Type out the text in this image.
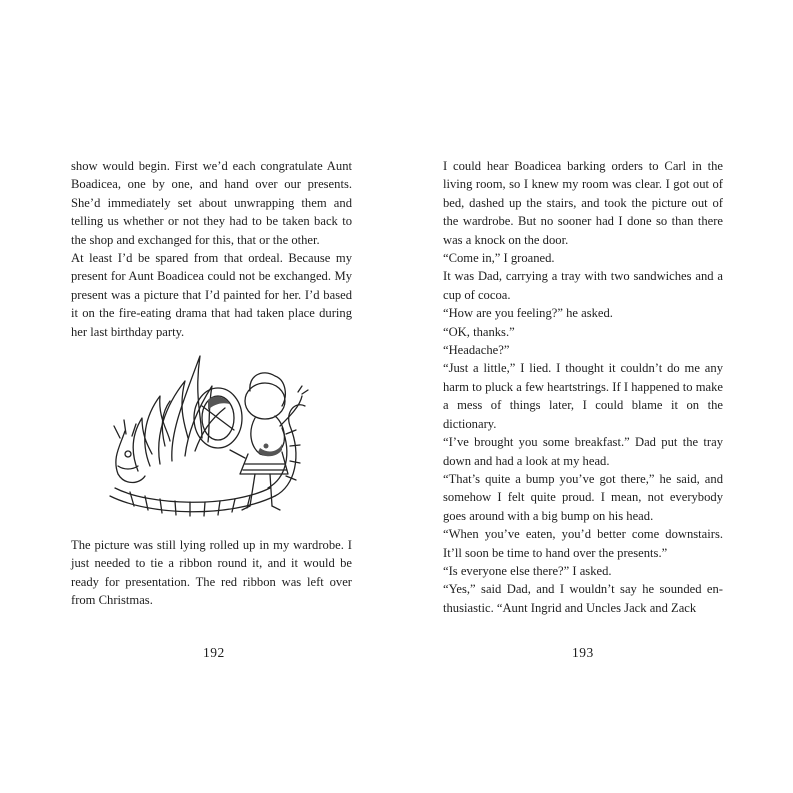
show would begin. First we’d each congratulate Aunt Boadicea, one by one, and hand over our presents. She’d immediately set about unwrapping them and telling us whether or not they had to be taken back to the shop and exchanged for this, that or the other.

At least I’d be spared from that ordeal. Because my present for Aunt Boadicea could not be exchanged. My present was a picture that I’d painted for her. I’d based it on the fire-eating drama that had taken place during her last birthday party.

The picture was still lying rolled up in my wardrobe. I just needed to tie a ribbon round it, and it would be ready for presentation. The red ribbon was left over from Christmas.

192

I could hear Boadicea barking orders to Carl in the living room, so I knew my room was clear. I got out of bed, dashed up the stairs, and took the picture out of the wardrobe. But no sooner had I done so than there was a knock on the door.

“Come in,” I groaned.

It was Dad, carrying a tray with two sandwiches and a cup of cocoa.

“How are you feeling?” he asked.

“OK, thanks.”

“Headache?”

“Just a little,” I lied. I thought it couldn’t do me any harm to pluck a few heartstrings. If I happened to make a mess of things later, I could blame it on the dictionary.

“I’ve brought you some breakfast.” Dad put the tray down and had a look at my head.

“That’s quite a bump you’ve got there,” he said, and somehow I felt quite proud. I mean, not everybody goes around with a big bump on his head.

“When you’ve eaten, you’d better come downstairs. It’ll soon be time to hand over the presents.”

“Is everyone else there?” I asked.

“Yes,” said Dad, and I wouldn’t say he sounded enthusiastic. “Aunt Ingrid and Uncles Jack and Zack

193
